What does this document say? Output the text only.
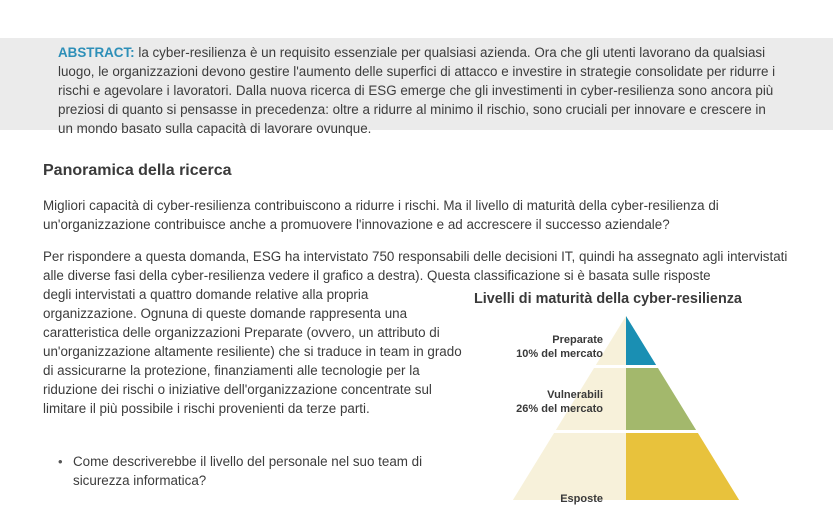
ABSTRACT: la cyber-resilienza è un requisito essenziale per qualsiasi azienda. Ora che gli utenti lavorano da qualsiasi luogo, le organizzazioni devono gestire l'aumento delle superfici di attacco e investire in strategie consolidate per ridurre i rischi e agevolare i lavoratori. Dalla nuova ricerca di ESG emerge che gli investimenti in cyber-resilienza sono ancora più preziosi di quanto si pensasse in precedenza: oltre a ridurre al minimo il rischio, sono cruciali per innovare e crescere in un mondo basato sulla capacità di lavorare ovunque.

Panoramica della ricerca

Migliori capacità di cyber-resilienza contribuiscono a ridurre i rischi. Ma il livello di maturità della cyber-resilienza di un'organizzazione contribuisce anche a promuovere l'innovazione e ad accrescere il successo aziendale?

Per rispondere a questa domanda, ESG ha intervistato 750 responsabili delle decisioni IT, quindi ha assegnato agli intervistati alle diverse fasi della cyber-resilienza vedere il grafico a destra). Questa classificazione si è basata sulle risposte

degli intervistati a quattro domande relative alla propria organizzazione. Ognuna di queste domande rappresenta una caratteristica delle organizzazioni Preparate (ovvero, un attributo di un'organizzazione altamente resiliente) che si traduce in team in grado di assicurarne la protezione, finanziamenti alle tecnologie per la riduzione dei rischi o iniziative dell'organizzazione concentrate sul limitare il più possibile i rischi provenienti da terze parti.

• Come descriverebbe il livello del personale nel suo team di sicurezza informatica?
Livelli di maturità della cyber-resilienza
Preparate
10% del mercato
Vulnerabili
26% del mercato
Esposte
